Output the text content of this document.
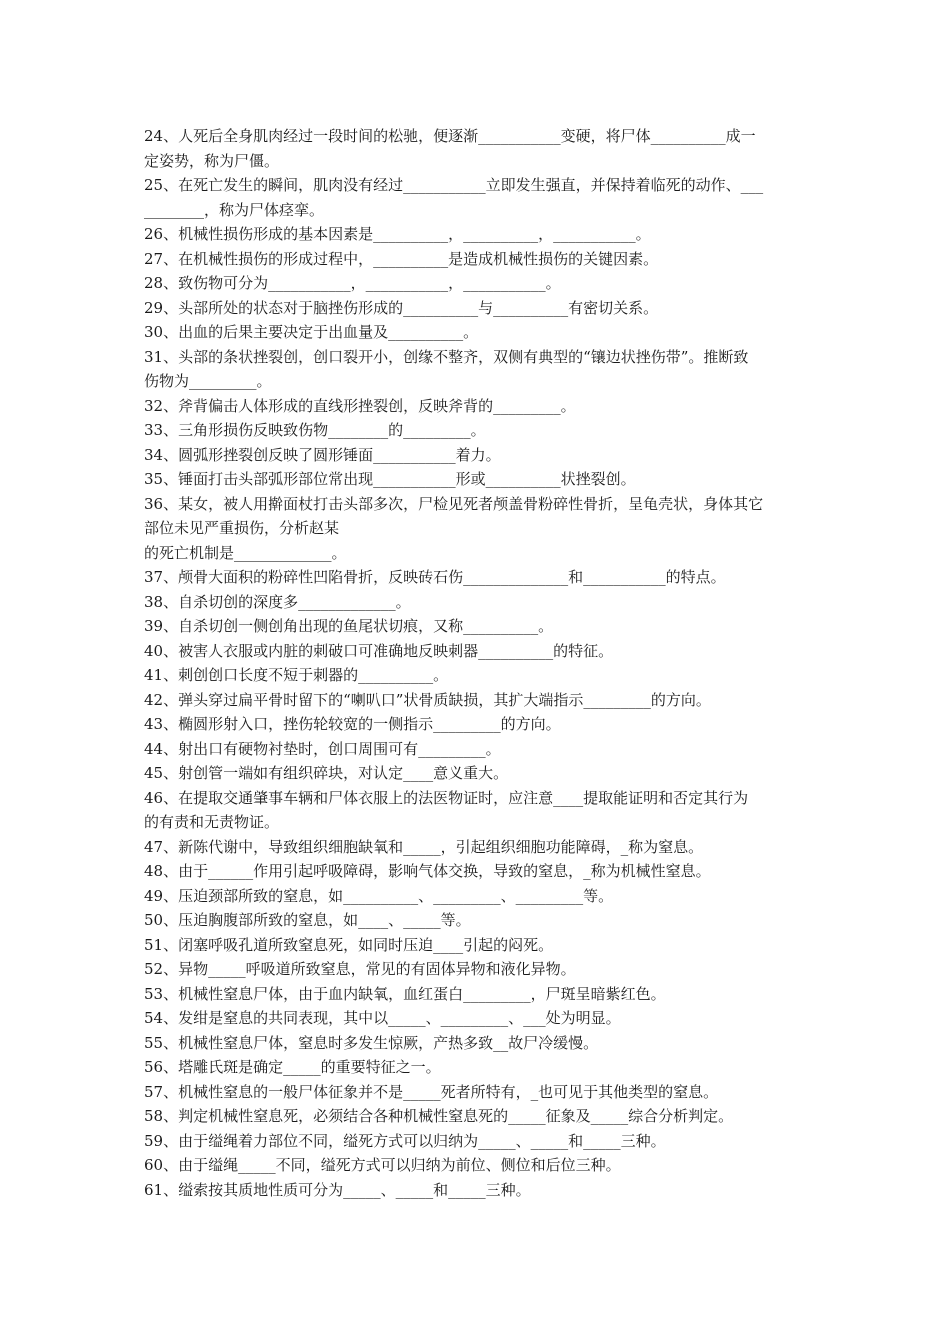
24、人死后全身肌肉经过一段时间的松驰，便逐渐___________变硬，将尸体__________成一
定姿势，称为尸僵。
25、在死亡发生的瞬间，肌肉没有经过___________立即发生强直，并保持着临死的动作、___
________，称为尸体痉挛。
26、机械性损伤形成的基本因素是__________，__________，___________。
27、在机械性损伤的形成过程中，__________是造成机械性损伤的关键因素。
28、致伤物可分为___________，___________，___________。
29、头部所处的状态对于脑挫伤形成的__________与__________有密切关系。
30、出血的后果主要决定于出血量及__________。
31、头部的条状挫裂创，创口裂开小，创缘不整齐，双侧有典型的“镶边状挫伤带”。推断致
伤物为_________。
32、斧背偏击人体形成的直线形挫裂创，反映斧背的_________。
33、三角形损伤反映致伤物________的_________。
34、圆弧形挫裂创反映了圆形锤面___________着力。
35、锤面打击头部弧形部位常出现___________形或__________状挫裂创。
36、某女，被人用擀面杖打击头部多次，尸检见死者颅盖骨粉碎性骨折，呈龟壳状，身体其它
部位未见严重损伤，分析赵某
的死亡机制是_____________。
37、颅骨大面积的粉碎性凹陷骨折，反映砖石伤______________和___________的特点。
38、自杀切创的深度多_____________。
39、自杀切创一侧创角出现的鱼尾状切痕，又称__________。
40、被害人衣服或内脏的刺破口可准确地反映刺器__________的特征。
41、刺创创口长度不短于刺器的__________。
42、弹头穿过扁平骨时留下的“喇叭口”状骨质缺损，其扩大端指示_________的方向。
43、椭圆形射入口，挫伤轮较宽的一侧指示_________的方向。
44、射出口有硬物衬垫时，创口周围可有_________。
45、射创管一端如有组织碎块，对认定____意义重大。
46、在提取交通肇事车辆和尸体衣服上的法医物证时，应注意____提取能证明和否定其行为
的有责和无责物证。
47、新陈代谢中，导致组织细胞缺氧和_____，引起组织细胞功能障碍，_称为窒息。
48、由于______作用引起呼吸障碍，影响气体交换，导致的窒息，_称为机械性窒息。
49、压迫颈部所致的窒息，如__________、_________、_________等。
50、压迫胸腹部所致的窒息，如____、_____等。
51、闭塞呼吸孔道所致窒息死，如同时压迫____引起的闷死。
52、异物_____呼吸道所致窒息，常见的有固体异物和液化异物。
53、机械性窒息尸体，由于血内缺氧，血红蛋白_________，尸斑呈暗紫红色。
54、发绀是窒息的共同表现，其中以_____、_________、___处为明显。
55、机械性窒息尸体，窒息时多发生惊厥，产热多致__故尸冷缓慢。
56、塔雕氏斑是确定_____的重要特征之一。
57、机械性窒息的一般尸体征象并不是_____死者所特有，_也可见于其他类型的窒息。
58、判定机械性窒息死，必须结合各种机械性窒息死的_____征象及_____综合分析判定。
59、由于缢绳着力部位不同，缢死方式可以归纳为_____、_____和_____三种。
60、由于缢绳_____不同，缢死方式可以归纳为前位、侧位和后位三种。
61、缢索按其质地性质可分为_____、_____和_____三种。
